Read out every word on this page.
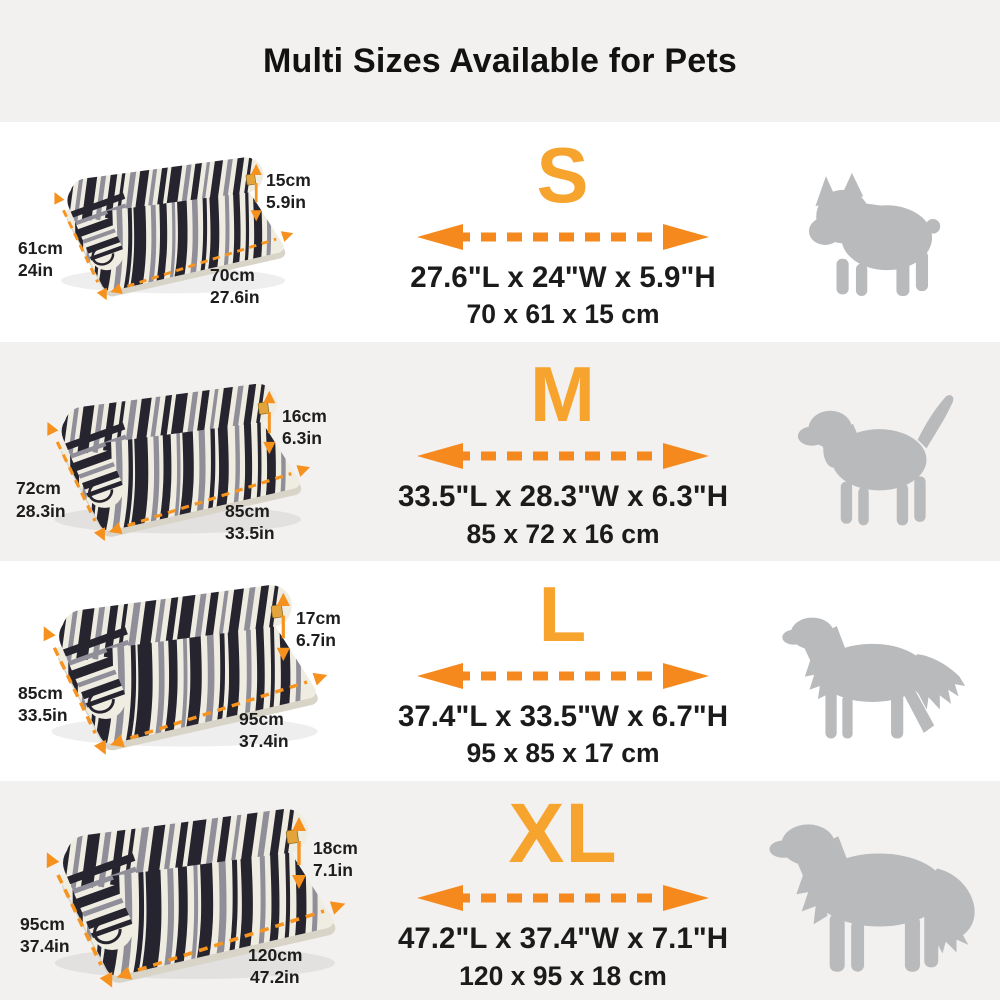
Multi Sizes Available for Pets
15cm
5.9in
61cm
24in	70cm
27.6in
S
27.6"L x 24"W x 5.9"H
70 x 61 x 15 cm
16cm
6.3in
72cm
28.3in	85cm
33.5in
M
33.5"L x 28.3"W x 6.3"H
85 x 72 x 16 cm
17cm
6.7in
85cm
33.5in	95cm
37.4in
L
37.4"L x 33.5"W x 6.7"H
95 x 85 x 17 cm
18cm
7.1in
95cm
37.4in	120cm
47.2in
XL
47.2"L x 37.4"W x 7.1"H
120 x 95 x 18 cm
